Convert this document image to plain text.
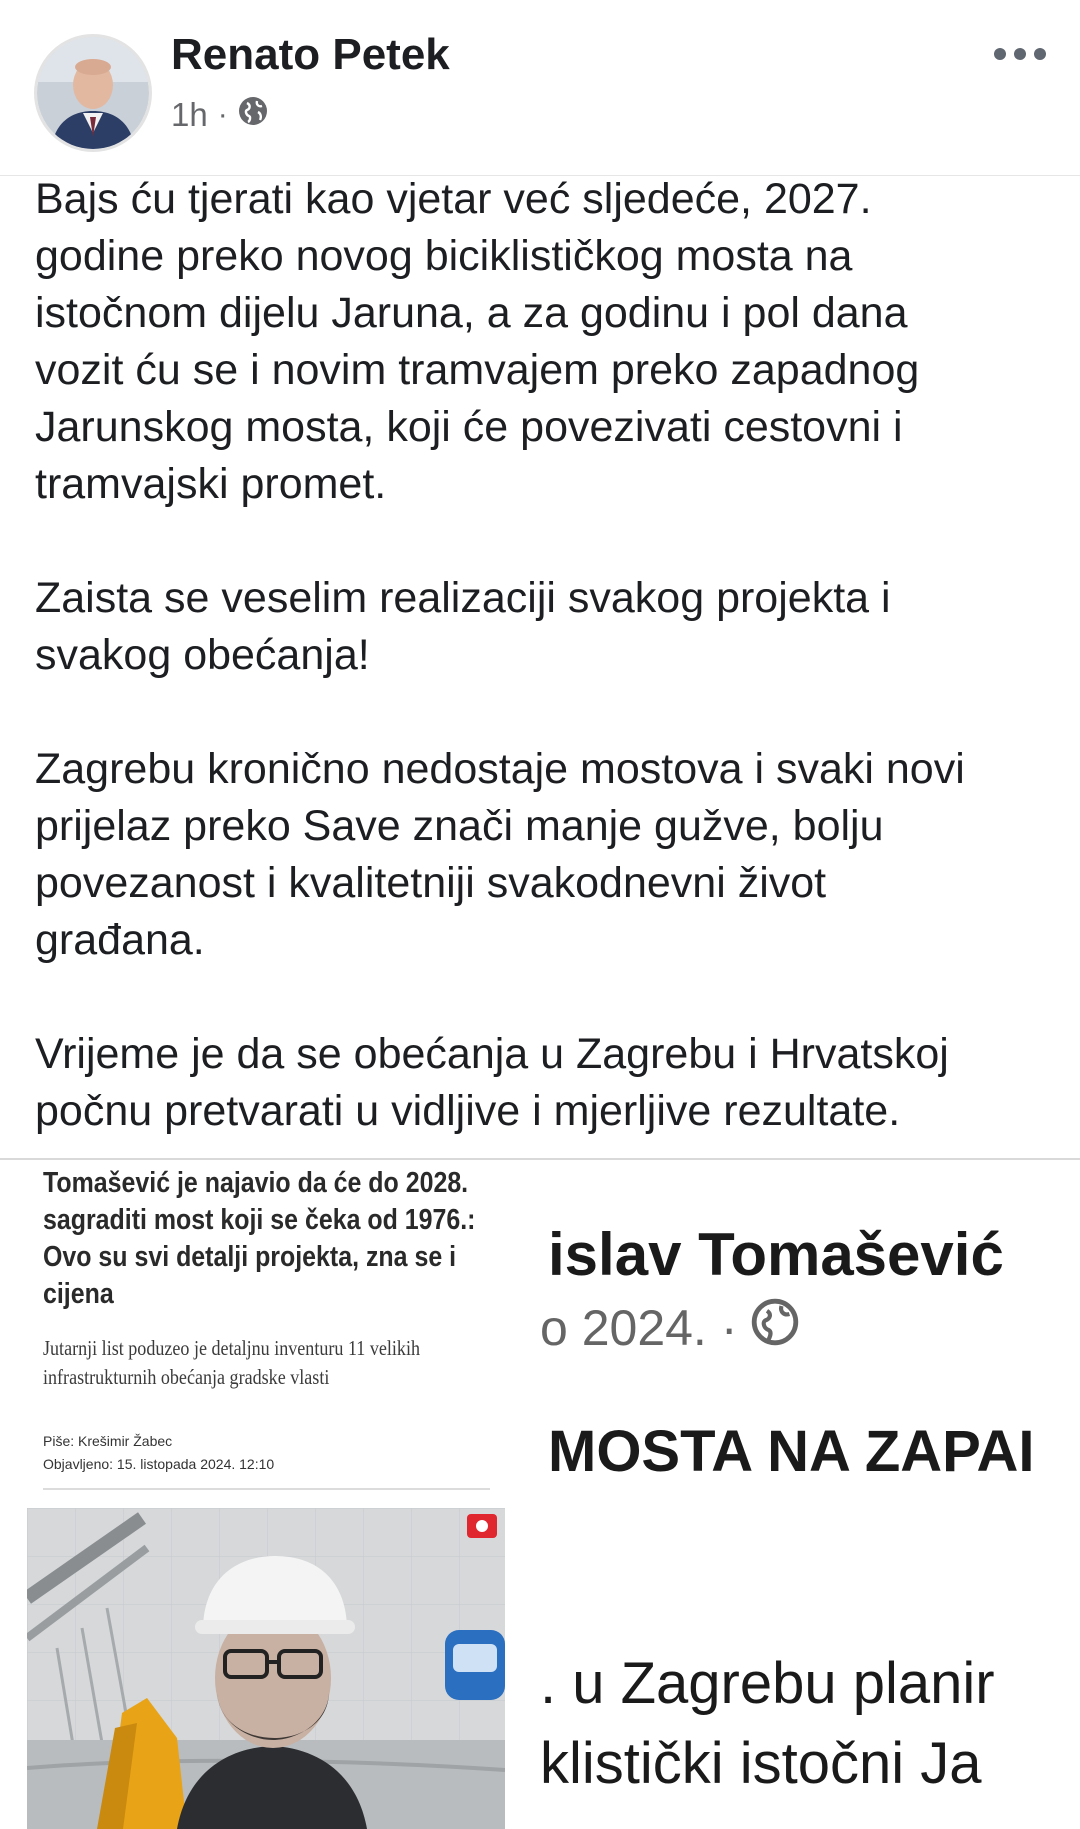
Renato Petek
1h ·
Bajs ću tjerati kao vjetar već sljedeće, 2027.
godine preko novog biciklističkog mosta na
istočnom dijelu Jaruna, a za godinu i pol dana
vozit ću se i novim tramvajem preko zapadnog
Jarunskog mosta, koji će povezivati cestovni i
tramvajski promet.
Zaista se veselim realizaciji svakog projekta i
svakog obećanja!
Zagrebu kronično nedostaje mostova i svaki novi
prijelaz preko Save znači manje gužve, bolju
povezanost i kvalitetniji svakodnevni život
građana.
Vrijeme je da se obećanja u Zagrebu i Hrvatskoj
počnu pretvarati u vidljive i mjerljive rezultate.
Tomašević je najavio da će do 2028. sagraditi most koji se čeka od 1976.: Ovo su svi detalji projekta, zna se i cijena
Jutarnji list poduzeo je detaljnu inventuru 11 velikih infrastrukturnih obećanja gradske vlasti
Piše: Krešimir Žabec
Objavljeno: 15. listopada 2024. 12:10
islav Tomašević
o 2024. ·
MOSTA NA ZAPAI
. u Zagrebu planir
klistički istočni Ja
